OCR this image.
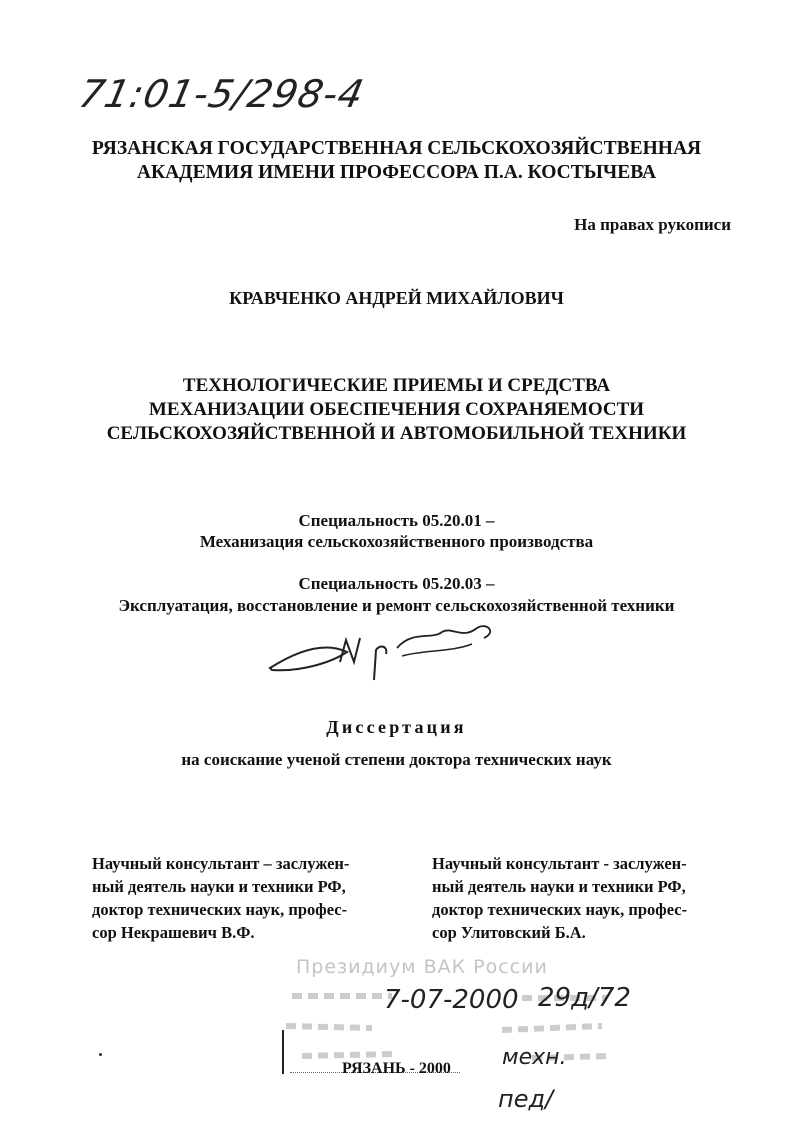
71:01-5/298-4
РЯЗАНСКАЯ ГОСУДАРСТВЕННАЯ СЕЛЬСКОХОЗЯЙСТВЕННАЯ
АКАДЕМИЯ ИМЕНИ ПРОФЕССОРА П.А. КОСТЫЧЕВА
На правах рукописи
КРАВЧЕНКО АНДРЕЙ МИХАЙЛОВИЧ
ТЕХНОЛОГИЧЕСКИЕ ПРИЕМЫ И СРЕДСТВА
МЕХАНИЗАЦИИ ОБЕСПЕЧЕНИЯ СОХРАНЯЕМОСТИ
СЕЛЬСКОХОЗЯЙСТВЕННОЙ И АВТОМОБИЛЬНОЙ ТЕХНИКИ
Специальность 05.20.01 –
Механизация сельскохозяйственного производства
Специальность 05.20.03 –
Эксплуатация, восстановление и ремонт сельскохозяйственной техники
Диссертация
на соискание ученой степени доктора технических наук
Научный консультант – заслужен-
ный деятель науки и техники РФ,
доктор технических наук, профес-
сор Некрашевич В.Ф.
Научный консультант - заслужен-
ный деятель науки и техники РФ,
доктор технических наук, профес-
сор Улитовский Б.А.
Президиум ВАК России
7-07-2000 29д/72
РЯЗАНЬ - 2000	мехн.
пед/
